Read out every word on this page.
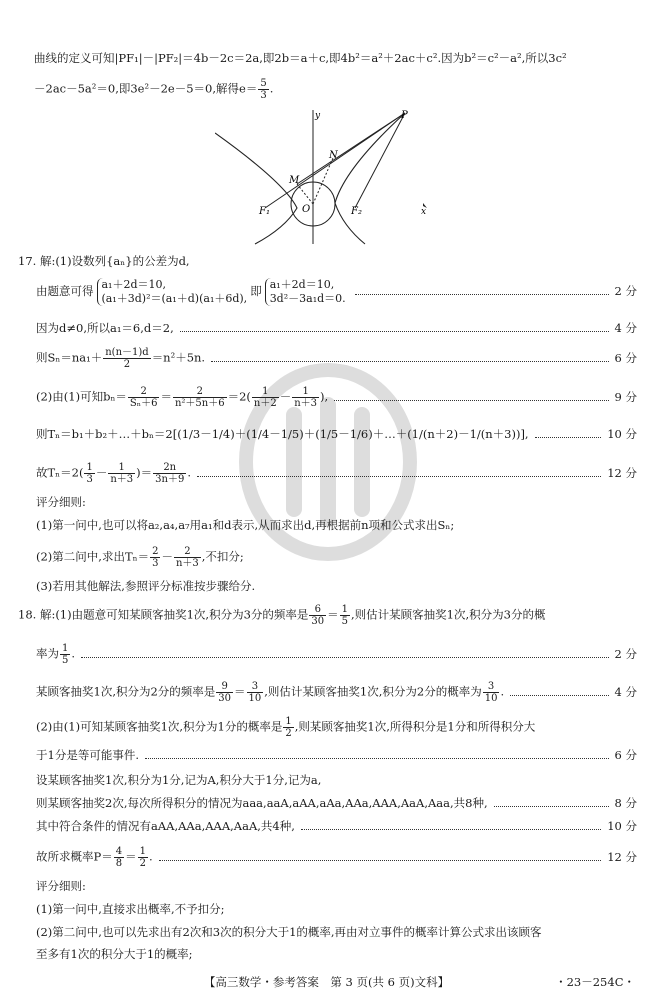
曲线的定义可知|PF₁|－|PF₂|＝4b－2c＝2a,即2b＝a＋c,即4b²＝a²＋2ac＋c².因为b²＝c²－a²,所以3c²
－2ac－5a²＝0,即3e²－2e－5＝0,解得$e= \frac{5}{3}$ .
y
x
P
N
M
O
F₁	F₂
17. 解:(1)设数列{aₙ}的公差为d,
由题意可得 a₁＋2d＝10,
(a₁＋3d)²＝(a₁＋d)(a₁＋6d),
即 a₁＋2d＝10,
3d²－3a₁d＝0.
2 分
因为d≠0,所以a₁＝6,d＝2,	4 分
则$S_n=na_1+ \frac{n(n-1)d}{2} =n^2+5n$.	6 分
(2)由(1)可知$b_n= \frac{2}{\text{Sₙ＋6}} = \frac{2}{\text{n²＋5n＋6}} =2( \frac{1}{n+2} - \frac{1}{n+3}$ ),	9 分
则Tₙ＝b₁＋b₂＋…＋bₙ＝2[(1/3－1/4)＋(1/4－1/5)＋(1/5－1/6)＋…＋(1/(n＋2)－1/(n＋3))],	10 分
故$T_n=2( \frac{1}{3} - \frac{1}{n+3}$ )＝ $\frac{2n}{3n+9}$ .	12 分
评分细则:
(1)第一问中,也可以将a₂,a₄,a₇用a₁和d表示,从而求出d,再根据前n项和公式求出Sₙ;
(2)第二问中,求出$T_n= \frac{2}{3} - \frac{2}{n+3}$ ,不扣分;
(3)若用其他解法,参照评分标准按步骤给分.
18. 解:(1)由题意可知某顾客抽奖1次,积分为3分的频率是 $\frac{6}{30} = \frac{1}{5}$ ,则估计某顾客抽奖1次,积分为3分的概
率为 $\frac{1}{5}$ .	2 分
某顾客抽奖1次,积分为2分的频率是 $\frac{9}{30} = \frac{3}{10}$ ,则估计某顾客抽奖1次,积分为2分的概率为 $\frac{3}{10}$ .	4 分
(2)由(1)可知某顾客抽奖1次,积分为1分的概率是 $\frac{1}{2}$ ,则某顾客抽奖1次,所得积分是1分和所得积分大
于1分是等可能事件.	6 分
设某顾客抽奖1次,积分为1分,记为A,积分大于1分,记为a,
则某顾客抽奖2次,每次所得积分的情况为aaa,aaA,aAA,aAa,AAa,AAA,AaA,Aaa,共8种,	8 分
其中符合条件的情况有aAA,AAa,AAA,AaA,共4种,	10 分
故所求概率$P= \frac{4}{8} = \frac{1}{2}$ .	12 分
评分细则:
(1)第一问中,直接求出概率,不予扣分;
(2)第二问中,也可以先求出有2次和3次的积分大于1的概率,再由对立事件的概率计算公式求出该顾客
至多有1次的积分大于1的概率;
【高三数学・参考答案　第 3 页(共 6 页)文科】	・23－254C・
